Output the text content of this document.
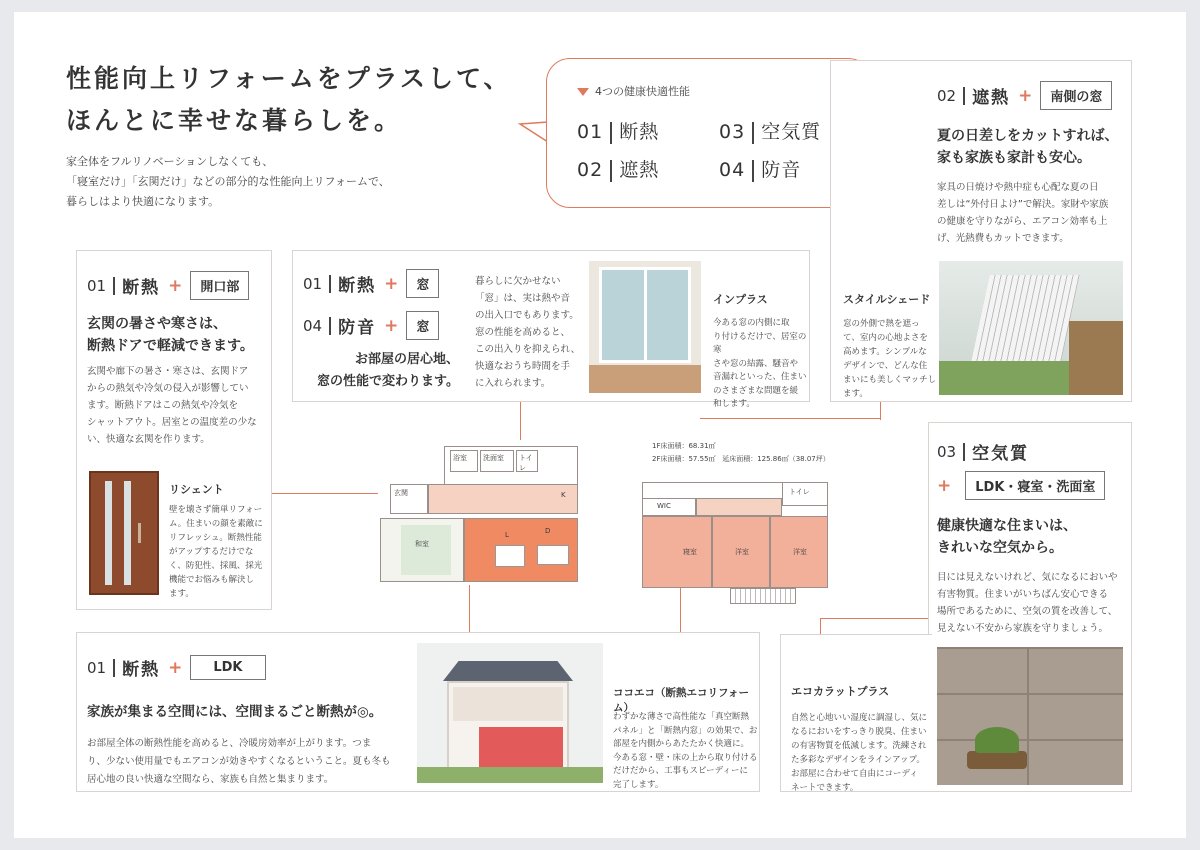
性能向上リフォームをプラスして、
ほんとに幸せな暮らしを。
家全体をフルリノベーションしなくても、
「寝室だけ」「玄関だけ」などの部分的な性能向上リフォームで、
暮らしはより快適になります。
4つの健康快適性能
01 断熱
02 遮熱
03 空気質
04 防音
01 断熱 +	開口部
玄関の暑さや寒さは、
断熱ドアで軽減できます。
玄関や廊下の暑さ・寒さは、玄関ドア
からの熱気や冷気の侵入が影響してい
ます。断熱ドアはこの熱気や冷気を
シャットアウト。居室との温度差の少な
い、快適な玄関を作ります。
リシェント
壁を壊さず簡単リフォー
ム。住まいの顔を素敵に
リフレッシュ。断熱性能
がアップするだけでな
く、防犯性、採風、採光
機能でお悩みも解決し
ます。
01 断熱 +	窓
04 防音 +	窓
お部屋の居心地、
窓の性能で変わります。
暮らしに欠かせない
「窓」は、実は熱や音
の出入口でもあります。
窓の性能を高めると、
この出入りを抑えられ、
快適なおうち時間を手
に入れられます。
インプラス
今ある窓の内側に取
り付けるだけで、居室の寒
さや窓の結露、騒音や
音漏れといった、住まい
のさまざまな問題を緩
和します。
02 遮熱 +	南側の窓
夏の日差しをカットすれば、
家も家族も家計も安心。
家具の日焼けや熱中症も心配な夏の日
差しは“外付日よけ”で解決。家財や家族
の健康を守りながら、エアコン効率も上
げ、光熱費もカットできます。
スタイルシェード
窓の外側で熱を遮っ
て、室内の心地よさを
高めます。シンプルな
デザインで、どんな住
まいにも美しくマッチし
ます。
03 空気質
+	LDK・寝室・洗面室
健康快適な住まいは、
きれいな空気から。
目には見えないけれど、気になるにおいや
有害物質。住まいがいちばん安心できる
場所であるために、空気の質を改善して、
見えない不安から家族を守りましょう。
エコカラットプラス
自然と心地いい湿度に調湿し、気に
なるにおいをすっきり脱臭、住まい
の有害物質を低減します。洗練され
た多彩なデザインをラインアップ。
お部屋に合わせて自由にコーディ
ネートできます。
01 断熱 +	LDK
家族が集まる空間には、空間まるごと断熱が◎。
お部屋全体の断熱性能を高めると、冷暖房効率が上がります。つま
り、少ない使用量でもエアコンが効きやすくなるということ。夏も冬も
居心地の良い快適な空間なら、家族も自然と集まります。
ココエコ（断熱エコリフォーム）
わずかな薄さで高性能な「真空断熱
パネル」と「断熱内窓」の効果で、お
部屋を内側からあたたかく快適に。
今ある窓・壁・床の上から取り付ける
だけだから、工事もスピーディーに
完了します。
浴室	洗面室	トイレ
玄関
和室
L	D
K
1F床面積：68.31㎡
2F床面積：57.55㎡ 延床面積：125.86㎡（38.07坪）
WIC
トイレ
寝室	洋室	洋室
